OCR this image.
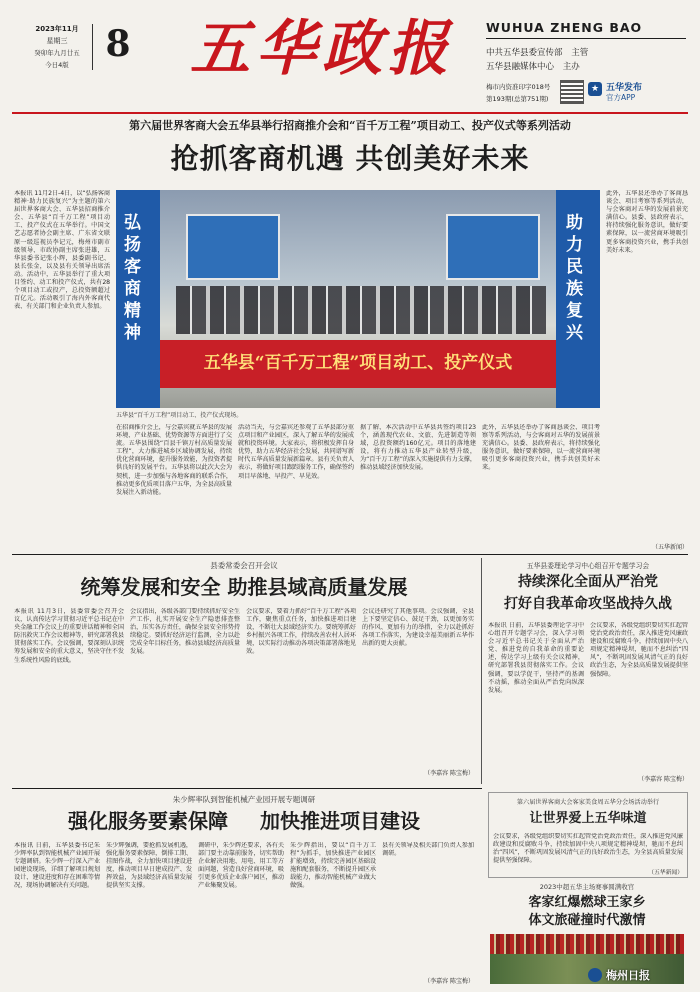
2023年11月
星期三
癸卯年九月廿五
今日4版	8 五华政报	WUHUA ZHENG BAO
中共五华县委宣传部 主管
五华县融媒体中心 主办
梅市内资准印字018号
第193期(总第751期)
★ 五华发布
官方APP
第六届世界客商大会五华县举行招商推介会和“百千万工程”项目动工、投产仪式等系列活动
抢抓客商机遇 共创美好未来
本报讯 11月2日-4日，以“弘扬客商精神·助力民族复兴”为主题的第六届世界客商大会、五华县招商推介会、五华县“百千万工程”项目动工、投产仪式在五华举行。中国文艺志愿者协会副主席、广东省文联原一级巡视员李记元，梅州市副市级领导、市政协副主席张进雄，五华县委书记张小辉，县委副书记、县长张金，以及县有关领导出席活动。活动中，五华县举行了重大项目签约、动工和投产仪式，共有28个项目动工或投产，总投资额超过百亿元。活动吸引了海内外客商代表、有关部门和企业负责人参加。
弘扬客商精神
助力民族复兴
五华县“百千万工程”项目动工、投产仪式
五华县“百千万工程”项目动工、投产仪式现场。
此外，五华县还举办了客商恳谈会、项目考察等系列活动，与会客商对五华的发展前景充满信心。县委、县政府表示，将持续强化服务意识，做好要素保障，以一流营商环境吸引更多客商投资兴业，携手共创美好未来。
在招商推介会上，与会嘉宾就五华县的发展环境、产业基础、优势资源等方面进行了交流。五华县围绕“百县千镇万村高质量发展工程”，大力推进城乡区域协调发展，持续优化营商环境，提升服务效能，为投资者提供良好的发展平台。五华县将以此次大会为契机，进一步加强与各地客商的联系合作，推动更多优质项目落户五华，为全县高质量发展注入新动能。
活动当天，与会嘉宾还参观了五华县部分重点项目和产业园区，深入了解五华的发展成就和投资环境。大家表示，将积极发挥自身优势，助力五华经济社会发展，共同谱写新时代五华高质量发展新篇章。县有关负责人表示，将做好项目跟踪服务工作，确保签约项目早落地、早投产、早见效。
据了解，本次活动中五华县共签约项目23个，涵盖现代农业、文旅、先进制造等领域，总投资额约160亿元。项目的落地建设，将有力推动五华县产业转型升级，为“百千万工程”的深入实施提供有力支撑，推动县域经济加快发展。
此外，五华县还举办了客商恳谈会、项目考察等系列活动，与会客商对五华的发展前景充满信心。县委、县政府表示，将持续强化服务意识，做好要素保障，以一流营商环境吸引更多客商投资兴业，携手共创美好未来。
（五华新闻）
县委常委会召开会议
统筹发展和安全 助推县域高质量发展
本报讯 11月3日，县委常委会召开会议，认真传达学习贯彻习近平总书记在中央金融工作会议上的重要讲话精神和全国防汛救灾工作会议精神等，研究部署我县贯彻落实工作。会议强调，要深刻认识统筹发展和安全的重大意义，坚决守住不发生系统性风险的底线。
会议指出，各级各部门要持续抓好安全生产工作，扎实开展安全生产隐患排查整治，压实各方责任，确保全县安全形势持续稳定。要抓好经济运行监测，全力以赴完成全年目标任务，推动县域经济高质量发展。
会议要求，要着力抓好“百千万工程”各项工作，聚焦重点任务，加快推进项目建设，不断壮大县域经济实力。要统筹抓好乡村振兴各项工作，持续改善农村人居环境，以实际行动推动各项决策部署落地见效。
会议还研究了其他事项。会议强调，全县上下要坚定信心、鼓足干劲，以更加务实的作风、更加有力的举措，全力以赴抓好各项工作落实，为建设幸福美丽新五华作出新的更大贡献。
（李嘉容 陈宝梅）
五华县委理论学习中心组召开专题学习会
持续深化全面从严治党
打好自我革命攻坚战持久战
本报讯 日前，五华县委理论学习中心组召开专题学习会，深入学习领会习近平总书记关于全面从严治党、推进党的自我革命的重要论述，传达学习上级有关会议精神，研究部署我县贯彻落实工作。会议强调，要以学促干，坚持严的基调不动摇，推动全面从严治党向纵深发展。
会议要求，各级党组织要切实扛起管党治党政治责任，深入推进党风廉政建设和反腐败斗争，持续加固中央八项规定精神堤坝，驰而不息纠治“四风”，不断巩固发展风清气正的良好政治生态，为全县高质量发展提供坚强保障。
（李嘉容 陈宝梅）
朱少辉率队到智能机械产业园开展专题调研
强化服务要素保障 加快推进项目建设
本报讯 日前，五华县委书记朱少辉率队到智能机械产业园开展专题调研。朱少辉一行深入产业园建设现场，详细了解项目规划设计、建设进度和存在困难等情况，现场协调解决有关问题。
朱少辉强调，要抢抓发展机遇，强化服务要素保障，倒排工期、挂图作战，全力加快项目建设进度，推动项目早日建成投产、发挥效益，为县域经济高质量发展提供坚实支撑。
调研中，朱少辉还要求，各有关部门要主动靠前服务，切实帮助企业解决用地、用电、用工等方面问题，营造良好营商环境，吸引更多优质企业落户园区，推动产业集聚发展。
朱少辉指出，要以“百千万工程”为抓手，加快推进产业园区扩能增效，持续完善园区基础设施和配套服务，不断提升园区承载能力，推动智能机械产业做大做强。
县有关领导及相关部门负责人参加调研。
（李嘉容 陈宝梅）
第六届世界客商大会客家美食周五华分会场活动举行
让世界爱上五华味道
会议要求，各级党组织要切实扛起管党治党政治责任，深入推进党风廉政建设和反腐败斗争，持续加固中央八项规定精神堤坝，驰而不息纠治“四风”，不断巩固发展风清气正的良好政治生态，为全县高质量发展提供坚强保障。
（五华新闻）
2023中超五华主场赛事圆满收官
客家红爆燃球王家乡
体文旅碰撞时代激情
梅州日报
